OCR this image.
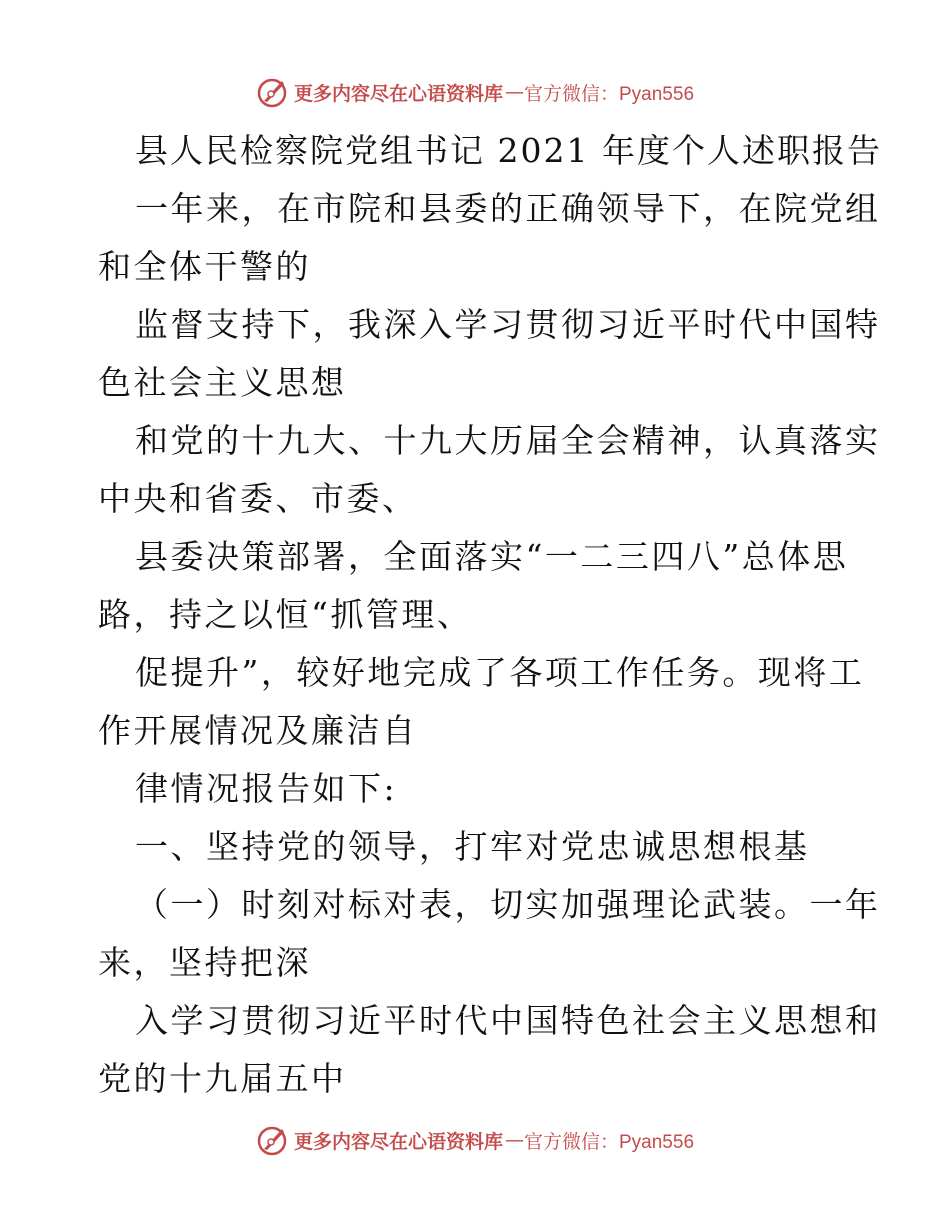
更多内容尽在心语资料库 — 官方微信：Pyan556
县人民检察院党组书记 2021 年度个人述职报告
一年来，在市院和县委的正确领导下，在院党组
和全体干警的
监督支持下，我深入学习贯彻习近平时代中国特
色社会主义思想
和党的十九大、十九大历届全会精神，认真落实
中央和省委、市委、
县委决策部署，全面落实“一二三四八”总体思
路，持之以恒“抓管理、
促提升”，较好地完成了各项工作任务。现将工
作开展情况及廉洁自
律情况报告如下:
一、坚持党的领导，打牢对党忠诚思想根基
（一）时刻对标对表，切实加强理论武装。一年
来，坚持把深
入学习贯彻习近平时代中国特色社会主义思想和
党的十九届五中
更多内容尽在心语资料库 — 官方微信：Pyan556
